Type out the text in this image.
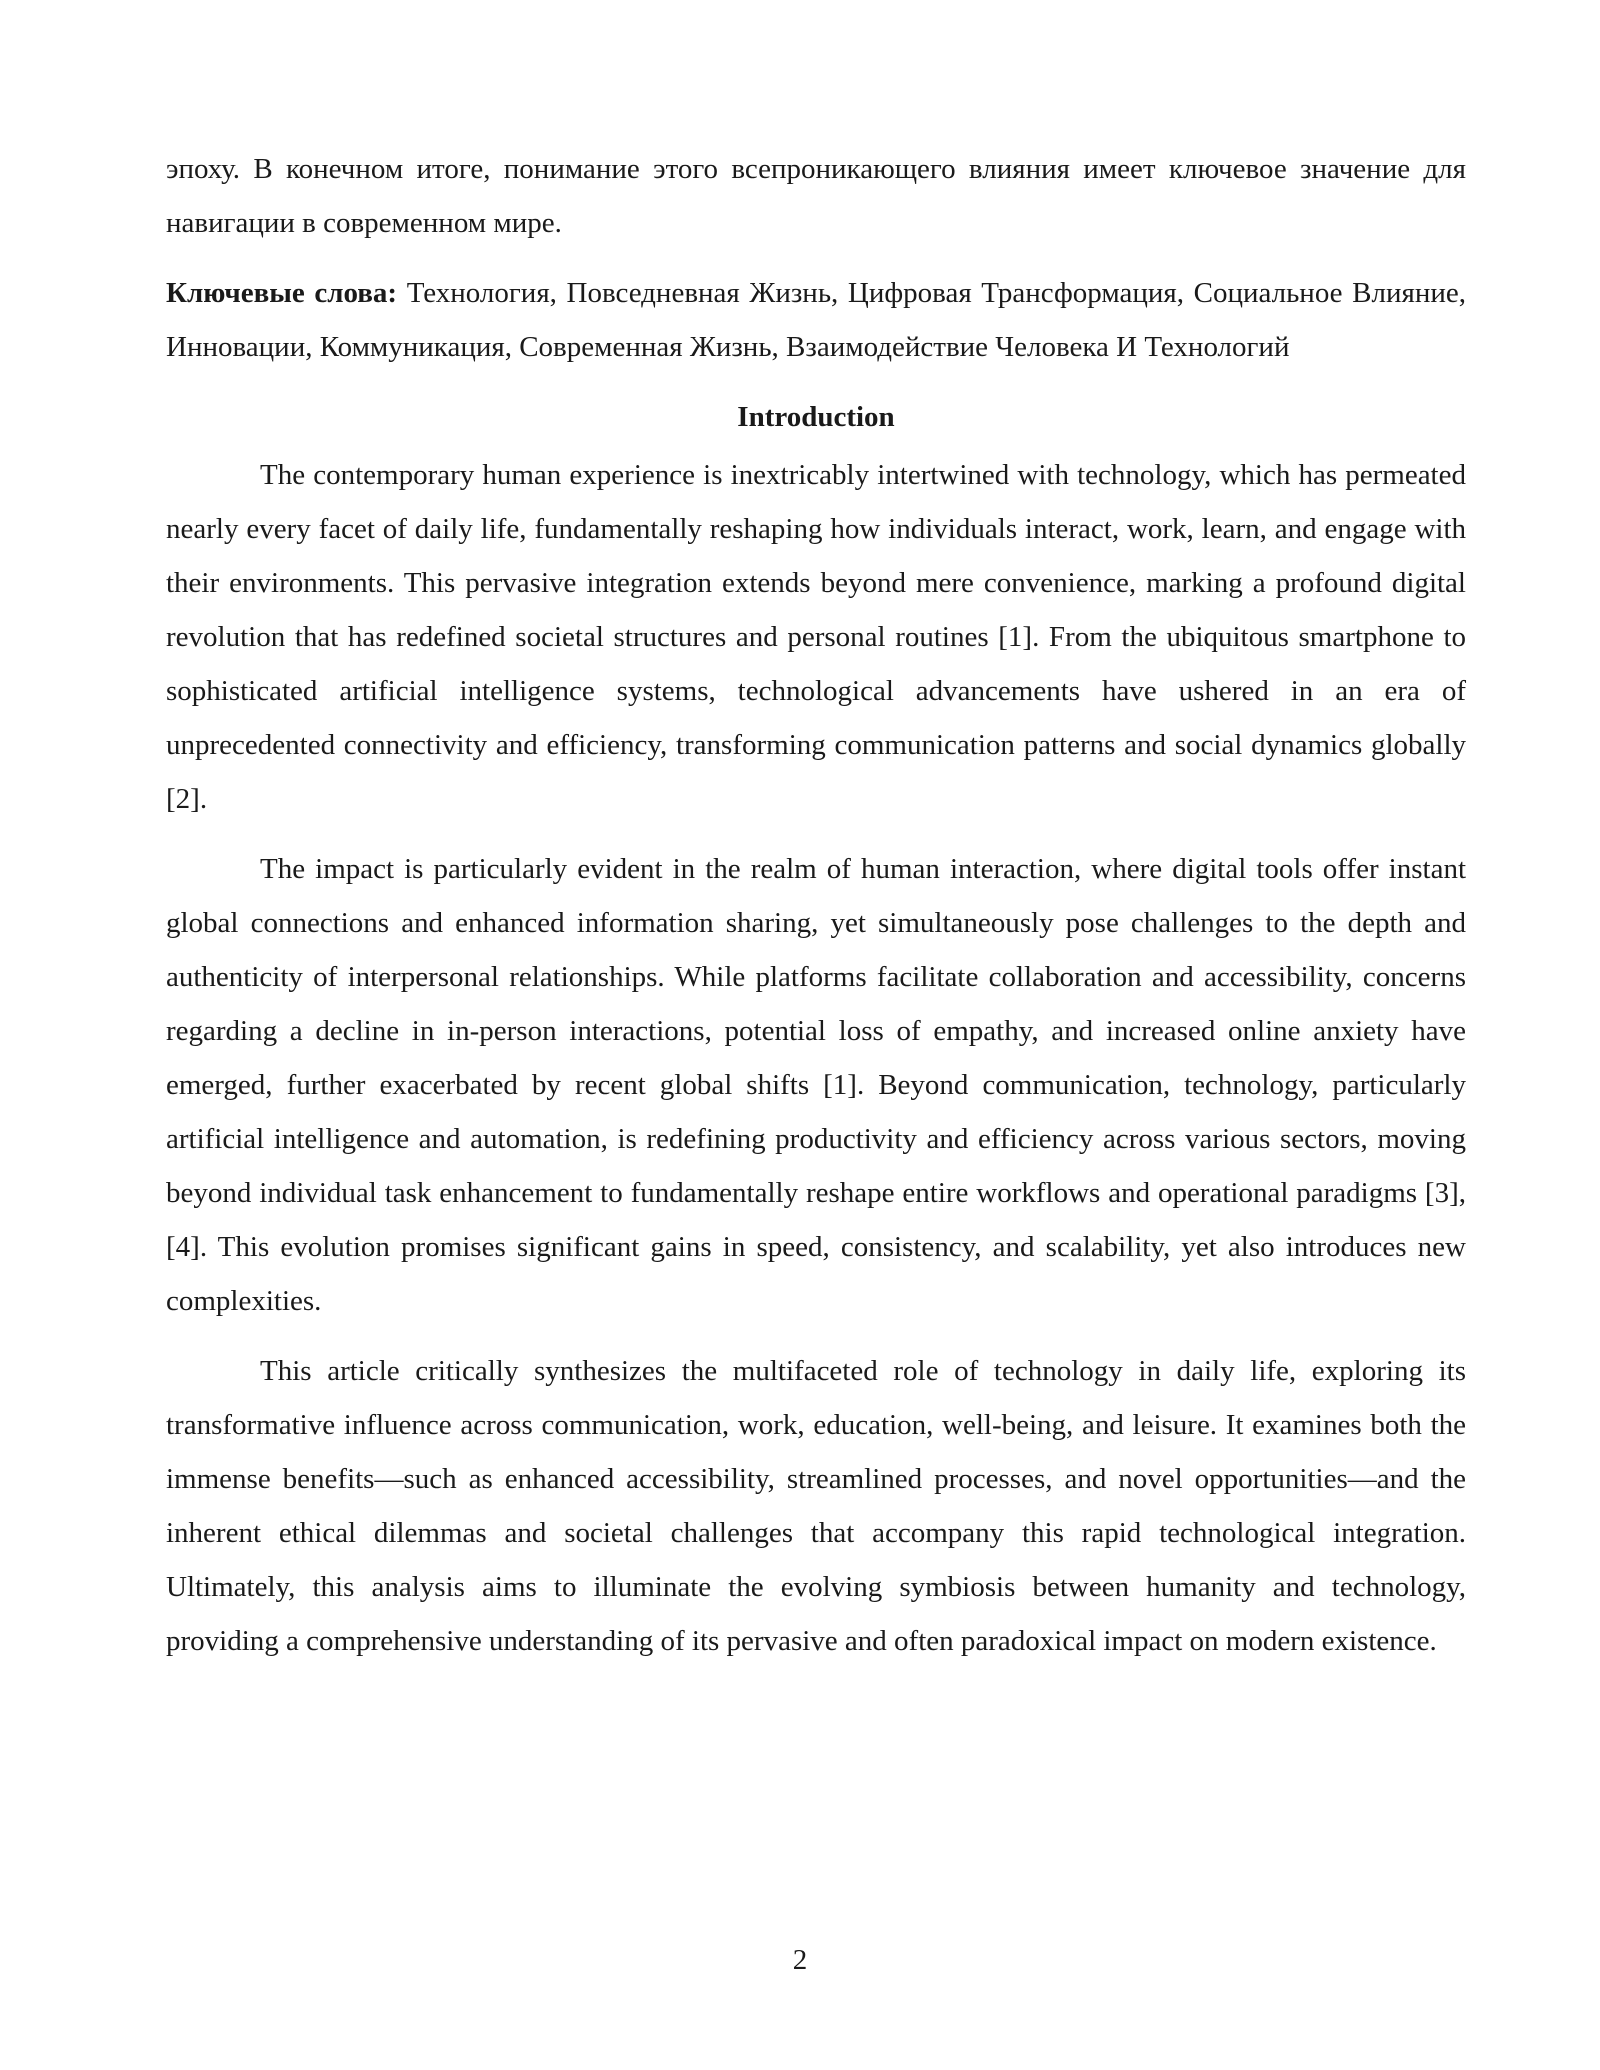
эпоху. В конечном итоге, понимание этого всепроникающего влияния имеет ключевое значение для навигации в современном мире.

Ключевые слова: Технология, Повседневная Жизнь, Цифровая Трансформация, Социальное Влияние, Инновации, Коммуникация, Современная Жизнь, Взаимодействие Человека И Технологий

Introduction

The contemporary human experience is inextricably intertwined with technology, which has permeated nearly every facet of daily life, fundamentally reshaping how individuals interact, work, learn, and engage with their environments. This pervasive integration extends beyond mere convenience, marking a profound digital revolution that has redefined societal structures and personal routines [1]. From the ubiquitous smartphone to sophisticated artificial intelligence systems, technological advancements have ushered in an era of unprecedented connectivity and efficiency, transforming communication patterns and social dynamics globally [2].

The impact is particularly evident in the realm of human interaction, where digital tools offer instant global connections and enhanced information sharing, yet simultaneously pose challenges to the depth and authenticity of interpersonal relationships. While platforms facilitate collaboration and accessibility, concerns regarding a decline in in-person interactions, potential loss of empathy, and increased online anxiety have emerged, further exacerbated by recent global shifts [1]. Beyond communication, technology, particularly artificial intelligence and automation, is redefining productivity and efficiency across various sectors, moving beyond individual task enhancement to fundamentally reshape entire workflows and operational paradigms [3], [4]. This evolution promises significant gains in speed, consistency, and scalability, yet also introduces new complexities.

This article critically synthesizes the multifaceted role of technology in daily life, exploring its transformative influence across communication, work, education, well-being, and leisure. It examines both the immense benefits—such as enhanced accessibility, streamlined processes, and novel opportunities—and the inherent ethical dilemmas and societal challenges that accompany this rapid technological integration. Ultimately, this analysis aims to illuminate the evolving symbiosis between humanity and technology, providing a comprehensive understanding of its pervasive and often paradoxical impact on modern existence.

2
